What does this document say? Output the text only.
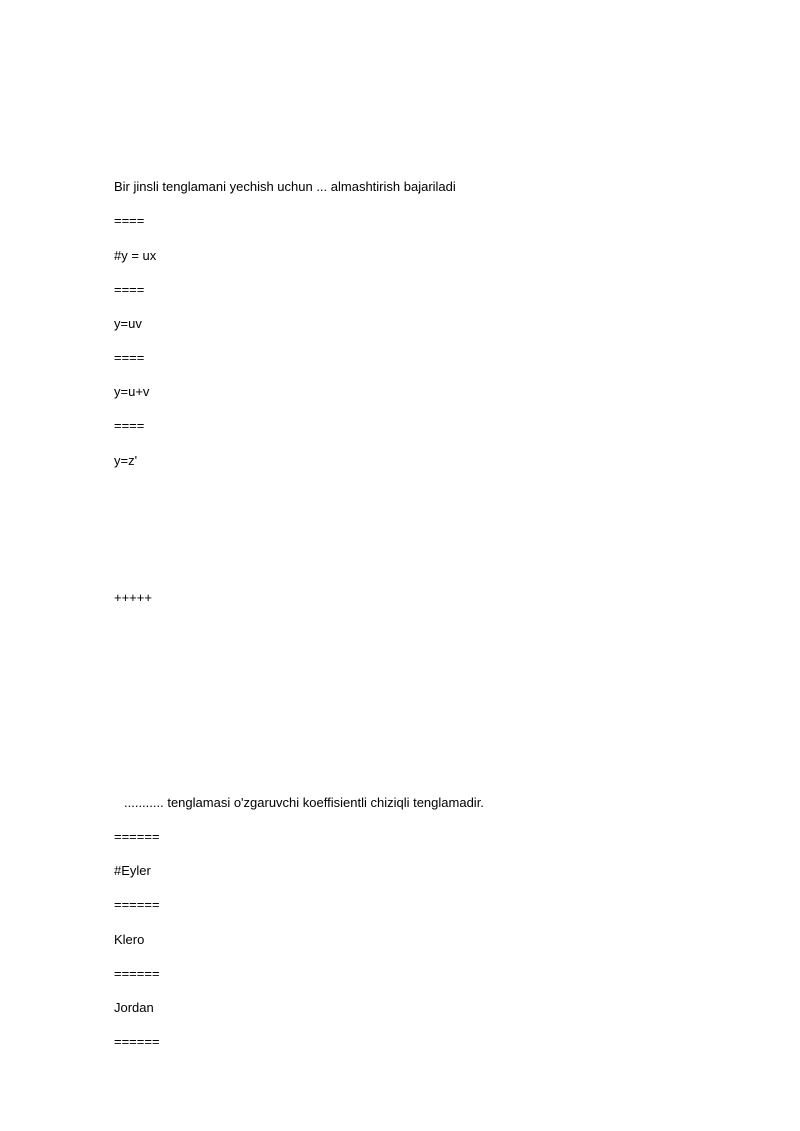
Bir jinsli tenglamani yechish uchun ... almashtirish bajariladi

====

#y = ux

====

y=uv

====

y=u+v

====

y=z'

+++++

........... tenglamasi o'zgaruvchi koeffisientli chiziqli tenglamadir.

======

#Eyler

======

Klero

======

Jordan

======
